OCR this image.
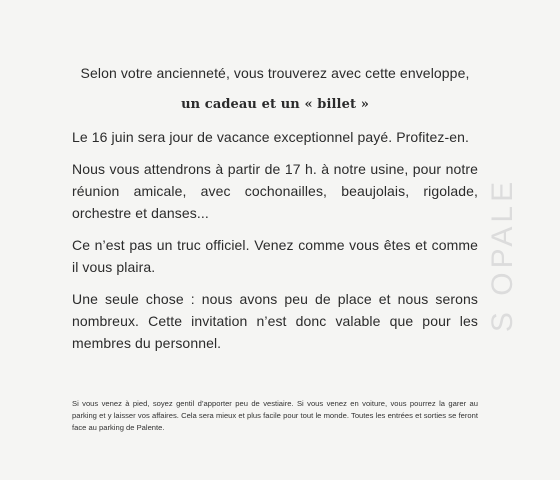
Selon votre ancienneté, vous trouverez avec cette enveloppe,

un cadeau et un « billet »

Le 16 juin sera jour de vacance exceptionnel payé. Profitez-en.

Nous vous attendrons à partir de 17 h. à notre usine, pour notre réunion amicale, avec cochonailles, beaujolais, rigolade, orchestre et danses...

Ce n’est pas un truc officiel. Venez comme vous êtes et comme il vous plaira.

Une seule chose : nous avons peu de place et nous serons nombreux. Cette invitation n’est donc valable que pour les membres du personnel.

Si vous venez à pied, soyez gentil d’apporter peu de vestiaire. Si vous venez en voiture, vous pourrez la garer au parking et y laisser vos affaires. Cela sera mieux et plus facile pour tout le monde. Toutes les entrées et sorties se feront face au parking de Palente.
S OPALE
